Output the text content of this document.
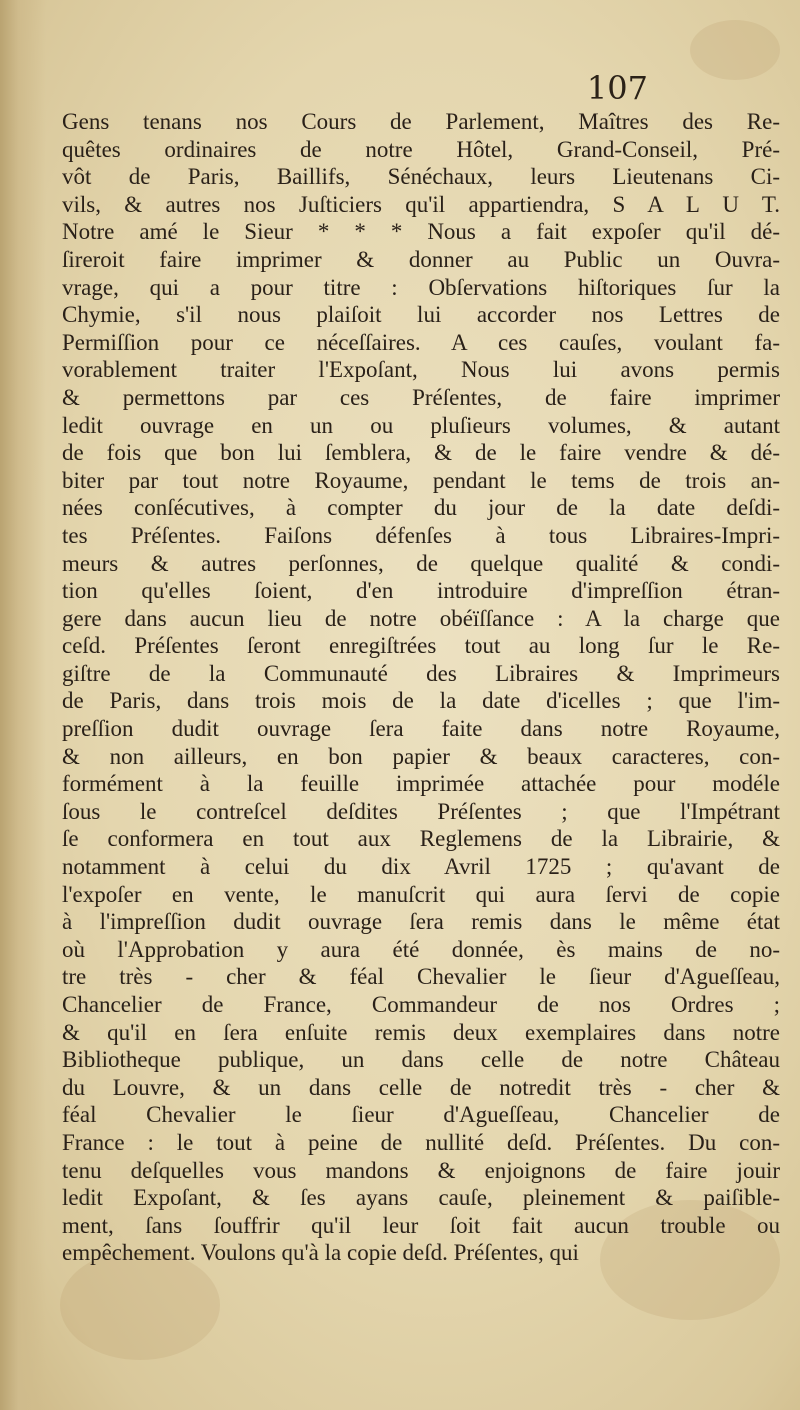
107
Gens tenans nos Cours de Parlement, Maîtres des Re-
quêtes ordinaires de notre Hôtel, Grand-Conseil, Pré-
vôt de Paris, Baillifs, Sénéchaux, leurs Lieutenans Ci-
vils, & autres nos Juſticiers qu'il appartiendra, S A L U T.
Notre amé le Sieur * * * Nous a fait expoſer qu'il dé-
ſireroit faire imprimer & donner au Public un Ouvra-
vrage, qui a pour titre : Obſervations hiſtoriques ſur la
Chymie, s'il nous plaiſoit lui accorder nos Lettres de
Permiſſion pour ce néceſſaires. A ces cauſes, voulant fa-
vorablement traiter l'Expoſant, Nous lui avons permis
& permettons par ces Préſentes, de faire imprimer
ledit ouvrage en un ou pluſieurs volumes, & autant
de fois que bon lui ſemblera, & de le faire vendre & dé-
biter par tout notre Royaume, pendant le tems de trois an-
nées conſécutives, à compter du jour de la date deſdi-
tes Préſentes. Faiſons défenſes à tous Libraires-Impri-
meurs & autres perſonnes, de quelque qualité & condi-
tion qu'elles ſoient, d'en introduire d'impreſſion étran-
gere dans aucun lieu de notre obéïſſance : A la charge que
ceſd. Préſentes ſeront enregiſtrées tout au long ſur le Re-
giſtre de la Communauté des Libraires & Imprimeurs
de Paris, dans trois mois de la date d'icelles ; que l'im-
preſſion dudit ouvrage ſera faite dans notre Royaume,
& non ailleurs, en bon papier & beaux caracteres, con-
formément à la feuille imprimée attachée pour modéle
ſous le contreſcel deſdites Préſentes ; que l'Impétrant
ſe conformera en tout aux Reglemens de la Librairie, &
notamment à celui du dix Avril 1725 ; qu'avant de
l'expoſer en vente, le manuſcrit qui aura ſervi de copie
à l'impreſſion dudit ouvrage ſera remis dans le même état
où l'Approbation y aura été donnée, ès mains de no-
tre très - cher & féal Chevalier le ſieur d'Agueſſeau,
Chancelier de France, Commandeur de nos Ordres ;
& qu'il en ſera enſuite remis deux exemplaires dans notre
Bibliotheque publique, un dans celle de notre Château
du Louvre, & un dans celle de notredit très - cher &
féal Chevalier le ſieur d'Agueſſeau, Chancelier de
France : le tout à peine de nullité deſd. Préſentes. Du con-
tenu deſquelles vous mandons & enjoignons de faire jouir
ledit Expoſant, & ſes ayans cauſe, pleinement & paiſible-
ment, ſans ſouffrir qu'il leur ſoit fait aucun trouble ou
empêchement. Voulons qu'à la copie deſd. Préſentes, qui
